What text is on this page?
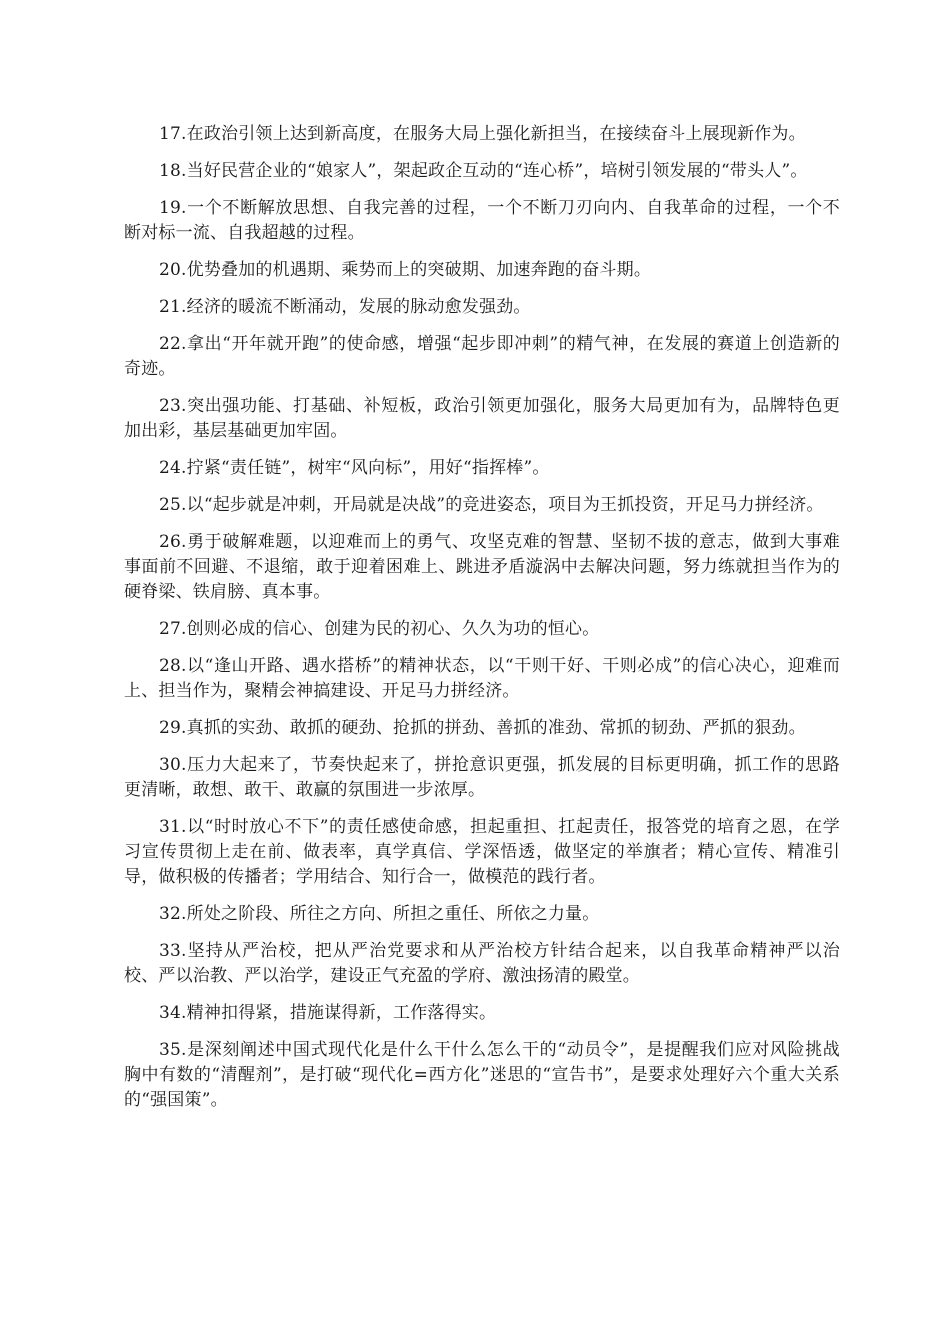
17.在政治引领上达到新高度，在服务大局上强化新担当，在接续奋斗上展现新作为。

18.当好民营企业的“娘家人”，架起政企互动的“连心桥”，培树引领发展的“带头人”。

19.一个不断解放思想、自我完善的过程，一个不断刀刃向内、自我革命的过程，一个不断对标一流、自我超越的过程。

20.优势叠加的机遇期、乘势而上的突破期、加速奔跑的奋斗期。

21.经济的暖流不断涌动，发展的脉动愈发强劲。

22.拿出“开年就开跑”的使命感，增强“起步即冲刺”的精气神，在发展的赛道上创造新的奇迹。

23.突出强功能、打基础、补短板，政治引领更加强化，服务大局更加有为，品牌特色更加出彩，基层基础更加牢固。

24.拧紧“责任链”，树牢“风向标”，用好“指挥棒”。

25.以“起步就是冲刺，开局就是决战”的竞进姿态，项目为王抓投资，开足马力拼经济。

26.勇于破解难题，以迎难而上的勇气、攻坚克难的智慧、坚韧不拔的意志，做到大事难事面前不回避、不退缩，敢于迎着困难上、跳进矛盾漩涡中去解决问题，努力练就担当作为的硬脊梁、铁肩膀、真本事。

27.创则必成的信心、创建为民的初心、久久为功的恒心。

28.以“逢山开路、遇水搭桥”的精神状态，以“干则干好、干则必成”的信心决心，迎难而上、担当作为，聚精会神搞建设、开足马力拼经济。

29.真抓的实劲、敢抓的硬劲、抢抓的拼劲、善抓的准劲、常抓的韧劲、严抓的狠劲。

30.压力大起来了，节奏快起来了，拼抢意识更强，抓发展的目标更明确，抓工作的思路更清晰，敢想、敢干、敢赢的氛围进一步浓厚。

31.以“时时放心不下”的责任感使命感，担起重担、扛起责任，报答党的培育之恩，在学习宣传贯彻上走在前、做表率，真学真信、学深悟透，做坚定的举旗者；精心宣传、精准引导，做积极的传播者；学用结合、知行合一，做模范的践行者。

32.所处之阶段、所往之方向、所担之重任、所依之力量。

33.坚持从严治校，把从严治党要求和从严治校方针结合起来，以自我革命精神严以治校、严以治教、严以治学，建设正气充盈的学府、激浊扬清的殿堂。

34.精神扣得紧，措施谋得新，工作落得实。

35.是深刻阐述中国式现代化是什么干什么怎么干的“动员令”，是提醒我们应对风险挑战胸中有数的“清醒剂”，是打破“现代化=西方化”迷思的“宣告书”，是要求处理好六个重大关系的“强国策”。
